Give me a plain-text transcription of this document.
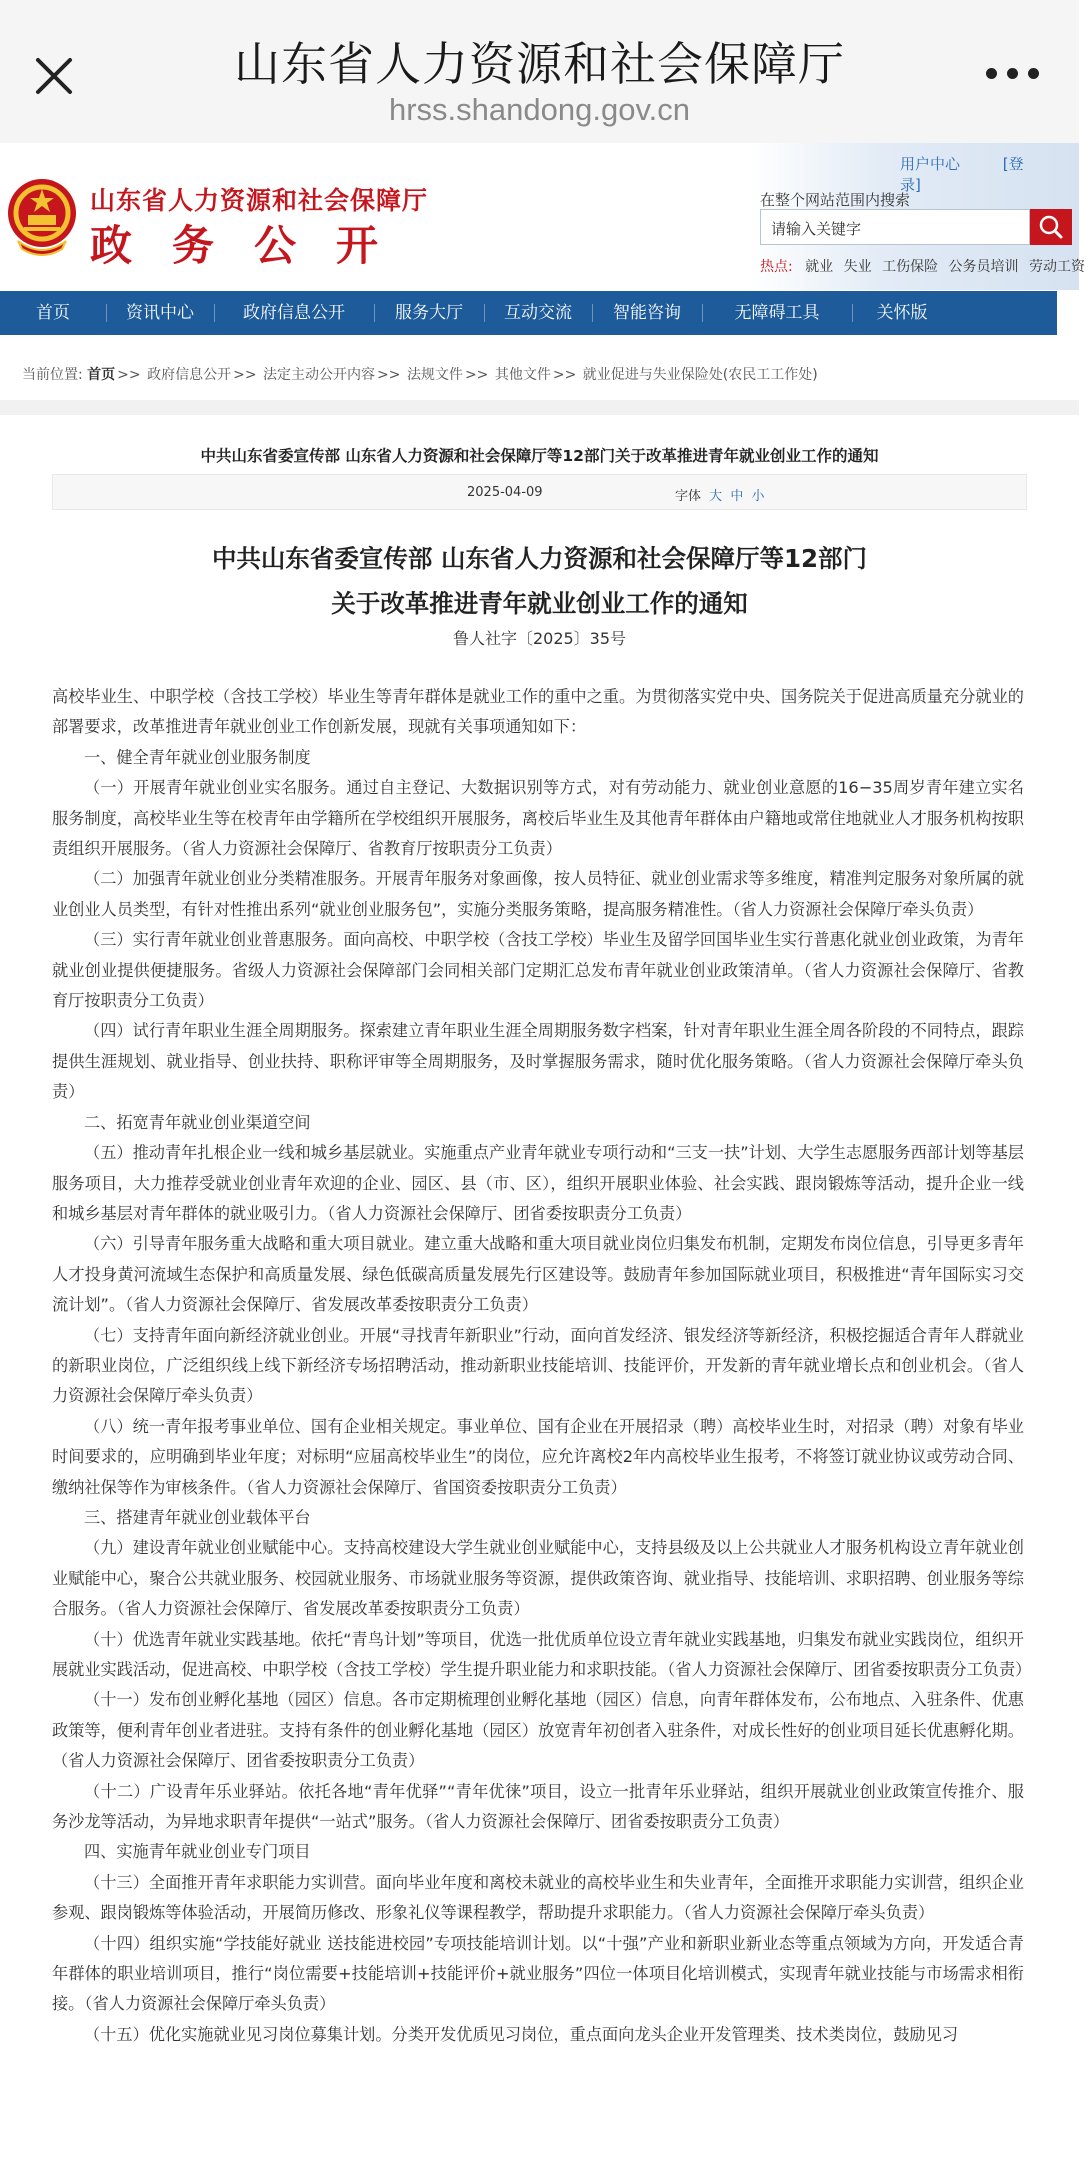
山东省人力资源和社会保障厅
hrss.shandong.gov.cn
山东省人力资源和社会保障厅
政务公开
用户中心	[登录]
在整个网站范围内搜索
请输入关键字
热点: 就业 失业 工伤保险 公务员培训 劳动工资
首页	资讯中心	政府信息公开	服务大厅	互动交流	智能咨询	无障碍工具	关怀版
当前位置: 首页 >> 政府信息公开 >> 法定主动公开内容 >> 法规文件 >> 其他文件 >> 就业促进与失业保险处(农民工工作处)
中共山东省委宣传部 山东省人力资源和社会保障厅等12部门关于改革推进青年就业创业工作的通知
2025-04-09	字体 大 中 小
中共山东省委宣传部 山东省人力资源和社会保障厅等12部门
关于改革推进青年就业创业工作的通知
鲁人社字〔2025〕35号

高校毕业生、中职学校（含技工学校）毕业生等青年群体是就业工作的重中之重。为贯彻落实党中央、国务院关于促进高质量充分就业的部署要求，改革推进青年就业创业工作创新发展，现就有关事项通知如下：

一、健全青年就业创业服务制度

（一）开展青年就业创业实名服务。通过自主登记、大数据识别等方式，对有劳动能力、就业创业意愿的16−35周岁青年建立实名服务制度，高校毕业生等在校青年由学籍所在学校组织开展服务，离校后毕业生及其他青年群体由户籍地或常住地就业人才服务机构按职责组织开展服务。（省人力资源社会保障厅、省教育厅按职责分工负责）

（二）加强青年就业创业分类精准服务。开展青年服务对象画像，按人员特征、就业创业需求等多维度，精准判定服务对象所属的就业创业人员类型，有针对性推出系列“就业创业服务包”，实施分类服务策略，提高服务精准性。（省人力资源社会保障厅牵头负责）

（三）实行青年就业创业普惠服务。面向高校、中职学校（含技工学校）毕业生及留学回国毕业生实行普惠化就业创业政策，为青年就业创业提供便捷服务。省级人力资源社会保障部门会同相关部门定期汇总发布青年就业创业政策清单。（省人力资源社会保障厅、省教育厅按职责分工负责）

（四）试行青年职业生涯全周期服务。探索建立青年职业生涯全周期服务数字档案，针对青年职业生涯全周各阶段的不同特点，跟踪提供生涯规划、就业指导、创业扶持、职称评审等全周期服务，及时掌握服务需求，随时优化服务策略。（省人力资源社会保障厅牵头负责）

二、拓宽青年就业创业渠道空间

（五）推动青年扎根企业一线和城乡基层就业。实施重点产业青年就业专项行动和“三支一扶”计划、大学生志愿服务西部计划等基层服务项目，大力推荐受就业创业青年欢迎的企业、园区、县（市、区），组织开展职业体验、社会实践、跟岗锻炼等活动，提升企业一线和城乡基层对青年群体的就业吸引力。（省人力资源社会保障厅、团省委按职责分工负责）

（六）引导青年服务重大战略和重大项目就业。建立重大战略和重大项目就业岗位归集发布机制，定期发布岗位信息，引导更多青年人才投身黄河流域生态保护和高质量发展、绿色低碳高质量发展先行区建设等。鼓励青年参加国际就业项目，积极推进“青年国际实习交流计划”。（省人力资源社会保障厅、省发展改革委按职责分工负责）

（七）支持青年面向新经济就业创业。开展“寻找青年新职业”行动，面向首发经济、银发经济等新经济，积极挖掘适合青年人群就业的新职业岗位，广泛组织线上线下新经济专场招聘活动，推动新职业技能培训、技能评价，开发新的青年就业增长点和创业机会。（省人力资源社会保障厅牵头负责）

（八）统一青年报考事业单位、国有企业相关规定。事业单位、国有企业在开展招录（聘）高校毕业生时，对招录（聘）对象有毕业时间要求的，应明确到毕业年度；对标明“应届高校毕业生”的岗位，应允许离校2年内高校毕业生报考，不将签订就业协议或劳动合同、缴纳社保等作为审核条件。（省人力资源社会保障厅、省国资委按职责分工负责）

三、搭建青年就业创业载体平台

（九）建设青年就业创业赋能中心。支持高校建设大学生就业创业赋能中心，支持县级及以上公共就业人才服务机构设立青年就业创业赋能中心，聚合公共就业服务、校园就业服务、市场就业服务等资源，提供政策咨询、就业指导、技能培训、求职招聘、创业服务等综合服务。（省人力资源社会保障厅、省发展改革委按职责分工负责）

（十）优选青年就业实践基地。依托“青鸟计划”等项目，优选一批优质单位设立青年就业实践基地，归集发布就业实践岗位，组织开展就业实践活动，促进高校、中职学校（含技工学校）学生提升职业能力和求职技能。（省人力资源社会保障厅、团省委按职责分工负责）

（十一）发布创业孵化基地（园区）信息。各市定期梳理创业孵化基地（园区）信息，向青年群体发布，公布地点、入驻条件、优惠政策等，便利青年创业者进驻。支持有条件的创业孵化基地（园区）放宽青年初创者入驻条件，对成长性好的创业项目延长优惠孵化期。（省人力资源社会保障厅、团省委按职责分工负责）

（十二）广设青年乐业驿站。依托各地“青年优驿”“青年优徕”项目，设立一批青年乐业驿站，组织开展就业创业政策宣传推介、服务沙龙等活动，为异地求职青年提供“一站式”服务。（省人力资源社会保障厅、团省委按职责分工负责）

四、实施青年就业创业专门项目

（十三）全面推开青年求职能力实训营。面向毕业年度和离校未就业的高校毕业生和失业青年，全面推开求职能力实训营，组织企业参观、跟岗锻炼等体验活动，开展简历修改、形象礼仪等课程教学，帮助提升求职能力。（省人力资源社会保障厅牵头负责）

（十四）组织实施“学技能好就业 送技能进校园”专项技能培训计划。以“十强”产业和新职业新业态等重点领域为方向，开发适合青年群体的职业培训项目，推行“岗位需要+技能培训+技能评价+就业服务”四位一体项目化培训模式，实现青年就业技能与市场需求相衔接。（省人力资源社会保障厅牵头负责）

（十五）优化实施就业见习岗位募集计划。分类开发优质见习岗位，重点面向龙头企业开发管理类、技术类岗位，鼓励见习
